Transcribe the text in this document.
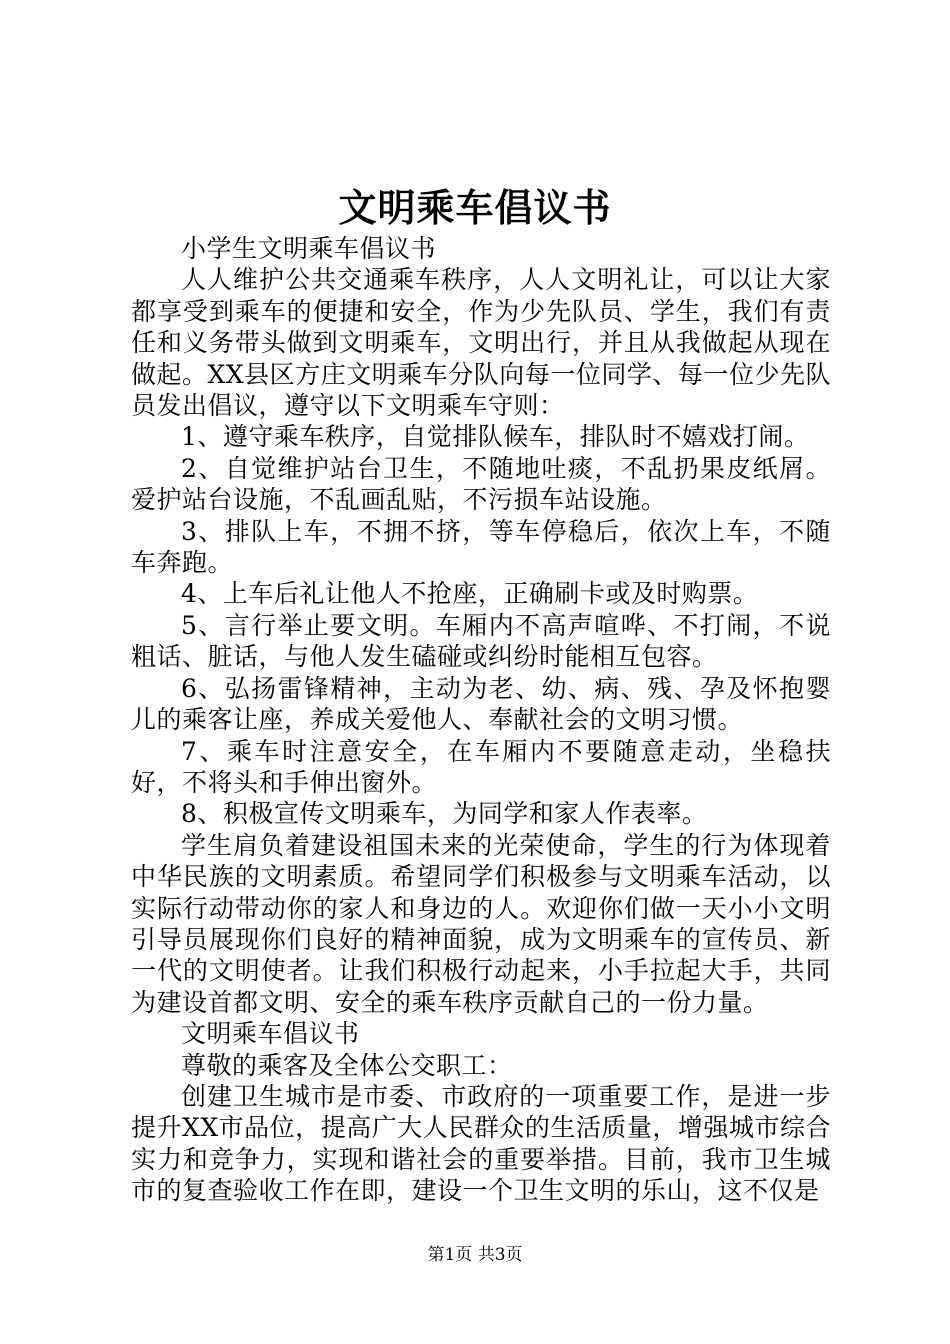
文明乘车倡议书

小学生文明乘车倡议书

人人维护公共交通乘车秩序，人人文明礼让，可以让大家都享受到乘车的便捷和安全，作为少先队员、学生，我们有责任和义务带头做到文明乘车，文明出行，并且从我做起从现在做起。XX县区方庄文明乘车分队向每一位同学、每一位少先队员发出倡议，遵守以下文明乘车守则：

1、遵守乘车秩序，自觉排队候车，排队时不嬉戏打闹。

2、自觉维护站台卫生，不随地吐痰，不乱扔果皮纸屑。爱护站台设施，不乱画乱贴，不污损车站设施。

3、排队上车，不拥不挤，等车停稳后，依次上车，不随车奔跑。

4、上车后礼让他人不抢座，正确刷卡或及时购票。

5、言行举止要文明。车厢内不高声喧哗、不打闹，不说粗话、脏话，与他人发生磕碰或纠纷时能相互包容。

6、弘扬雷锋精神，主动为老、幼、病、残、孕及怀抱婴儿的乘客让座，养成关爱他人、奉献社会的文明习惯。

7、乘车时注意安全，在车厢内不要随意走动，坐稳扶好，不将头和手伸出窗外。

8、积极宣传文明乘车，为同学和家人作表率。

学生肩负着建设祖国未来的光荣使命，学生的行为体现着中华民族的文明素质。希望同学们积极参与文明乘车活动，以实际行动带动你的家人和身边的人。欢迎你们做一天小小文明引导员展现你们良好的精神面貌，成为文明乘车的宣传员、新一代的文明使者。让我们积极行动起来，小手拉起大手，共同为建设首都文明、安全的乘车秩序贡献自己的一份力量。

文明乘车倡议书

尊敬的乘客及全体公交职工：

创建卫生城市是市委、市政府的一项重要工作，是进一步提升XX市品位，提高广大人民群众的生活质量，增强城市综合实力和竞争力，实现和谐社会的重要举措。目前，我市卫生城市的复查验收工作在即，建设一个卫生文明的乐山，这不仅是

第1页 共3页
